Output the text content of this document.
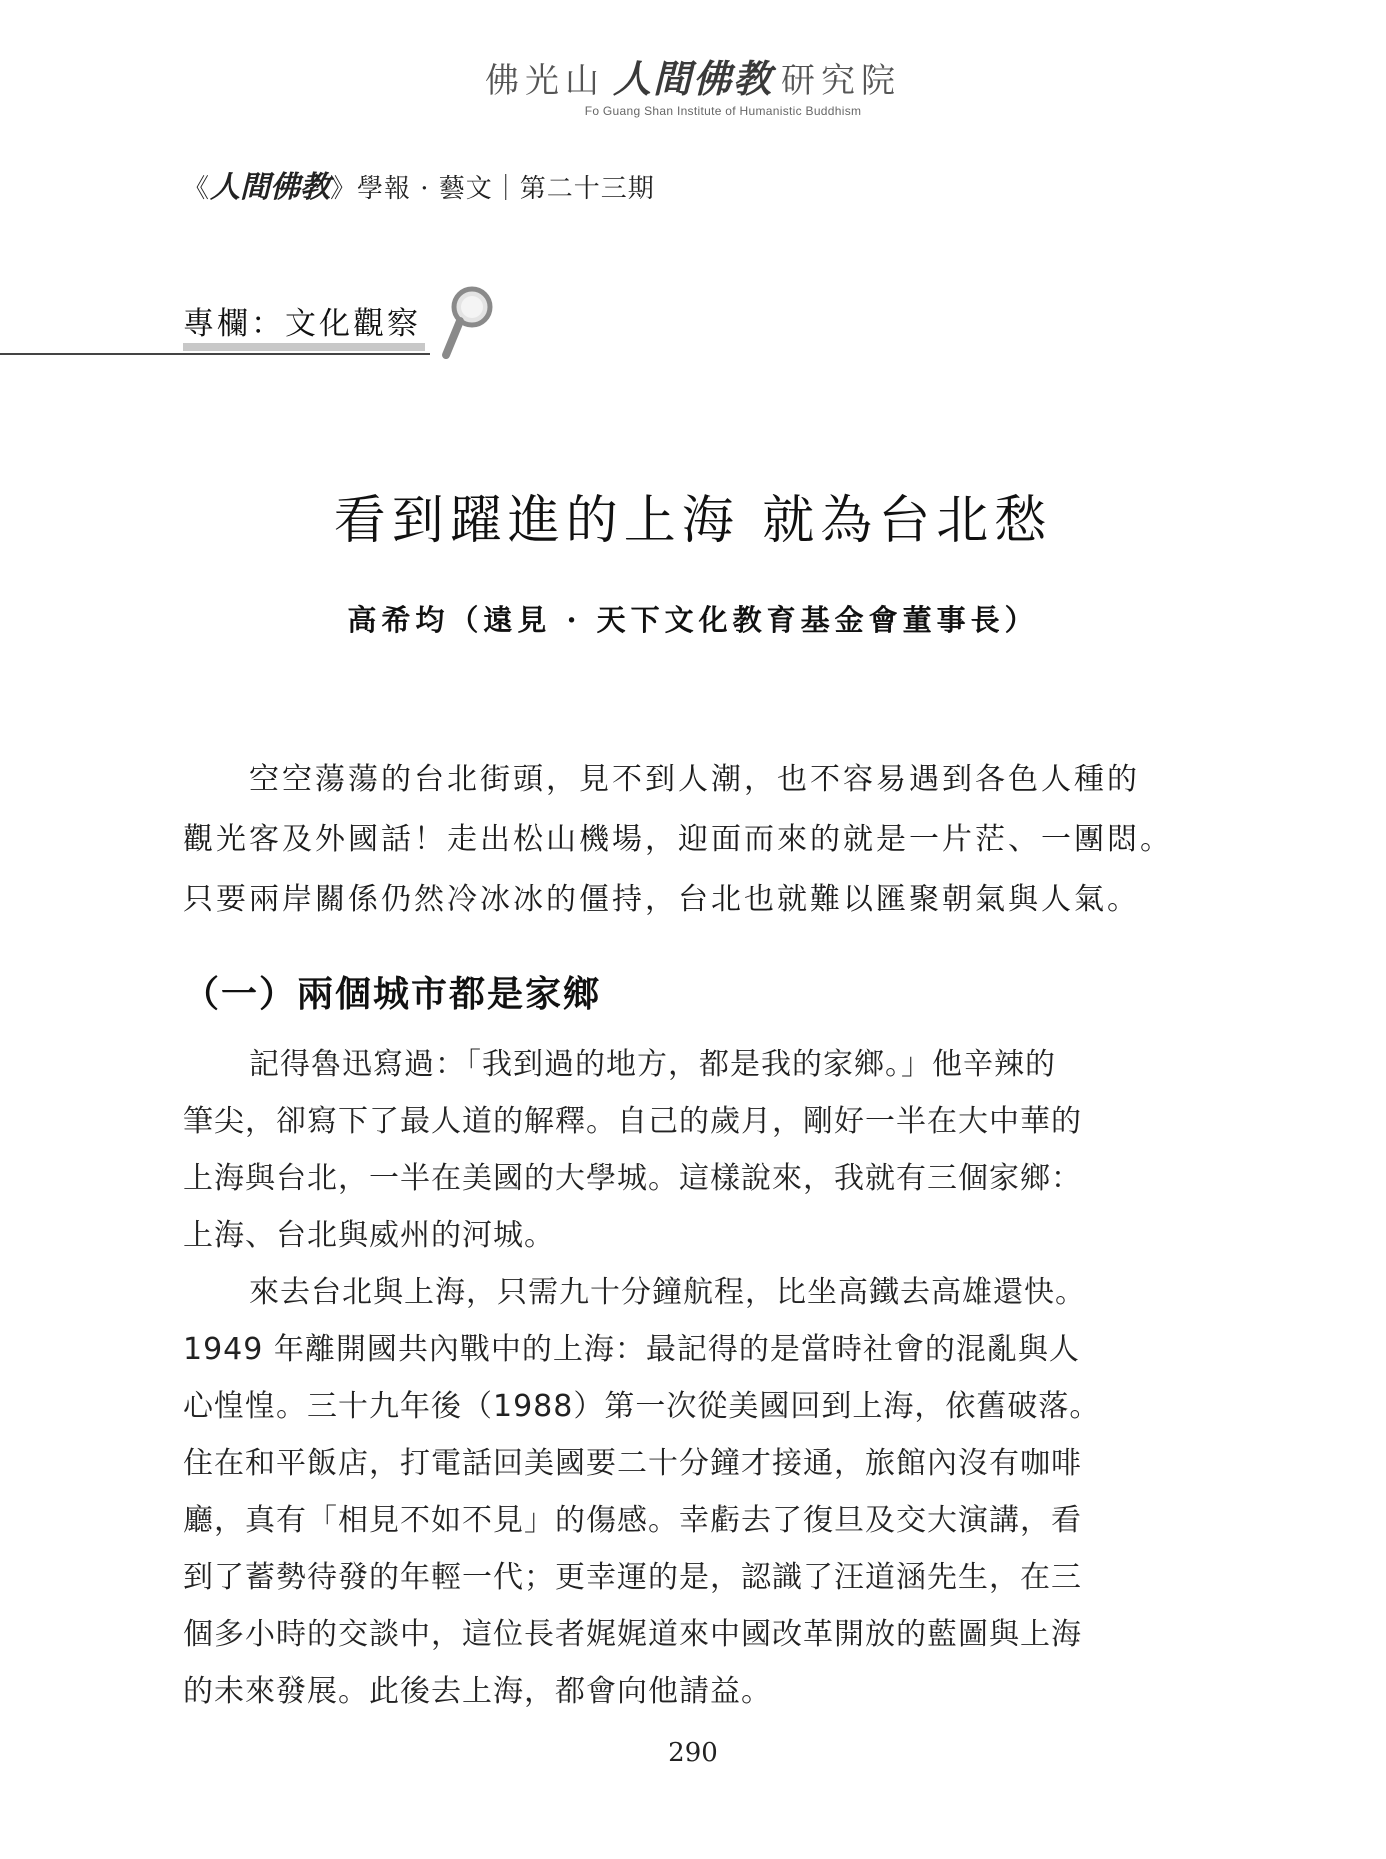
佛光山 人間佛教 研究院
Fo Guang Shan Institute of Humanistic Buddhism
《人間佛教》學報 · 藝文｜第二十三期
專欄：文化觀察
看到躍進的上海 就為台北愁
高希均（遠見 · 天下文化教育基金會董事長）

空空蕩蕩的台北街頭，見不到人潮，也不容易遇到各色人種的

觀光客及外國話！走出松山機場，迎面而來的就是一片茫、一團悶。

只要兩岸關係仍然冷冰冰的僵持，台北也就難以匯聚朝氣與人氣。

（一）兩個城市都是家鄉
記得魯迅寫過：「我到過的地方，都是我的家鄉。」他辛辣的
筆尖，卻寫下了最人道的解釋。自己的歲月，剛好一半在大中華的
上海與台北，一半在美國的大學城。這樣說來，我就有三個家鄉：
上海、台北與威州的河城。
來去台北與上海，只需九十分鐘航程，比坐高鐵去高雄還快。
1949 年離開國共內戰中的上海：最記得的是當時社會的混亂與人
心惶惶。三十九年後（1988）第一次從美國回到上海，依舊破落。
住在和平飯店，打電話回美國要二十分鐘才接通，旅館內沒有咖啡
廳，真有「相見不如不見」的傷感。幸虧去了復旦及交大演講，看
到了蓄勢待發的年輕一代；更幸運的是，認識了汪道涵先生，在三
個多小時的交談中，這位長者娓娓道來中國改革開放的藍圖與上海
的未來發展。此後去上海，都會向他請益。
290
